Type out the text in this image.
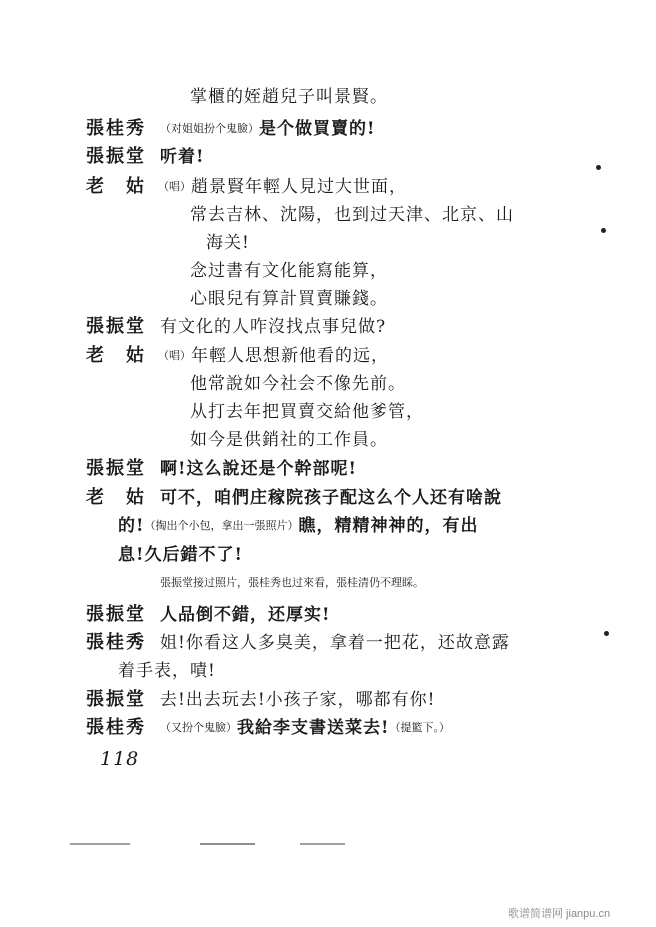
掌櫃的姪趙兒子叫景賢。
張桂秀 （对姐姐扮个鬼臉）是个做買賣的!
張振堂 听着!
老　姑 （唱）趙景賢年輕人見过大世面，
常去吉林、沈陽，也到过天津、北京、山
海关!
念过書有文化能寫能算，
心眼兒有算計買賣賺錢。
張振堂 有文化的人咋沒找点事兒做?
老　姑 （唱）年輕人思想新他看的远，
他常說如今社会不像先前。
从打去年把買賣交給他爹管，
如今是供銷社的工作員。
張振堂 啊!这么說还是个幹部呢!
老　姑 可不，咱們庄稼院孩子配这么个人还有啥說
的!（掏出个小包，拿出一張照片）瞧，精精神神的，有出
息!久后錯不了!
張振堂接过照片，張桂秀也过來看，張桂清仍不理睬。
張振堂 人品倒不錯，还厚实!
張桂秀 姐!你看这人多臭美，拿着一把花，还故意露
着手表，嘖!
張振堂 去!出去玩去!小孩子家，哪都有你!
張桂秀 （又扮个鬼臉）我給李支書送菜去!（提籃下。）
118
歌谱简谱网 jianpu.cn
